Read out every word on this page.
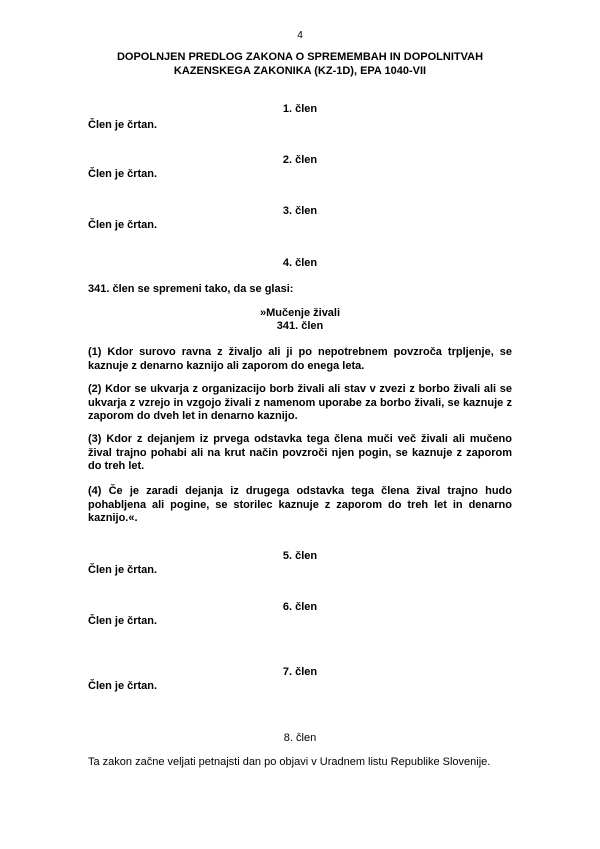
4
DOPOLNJEN PREDLOG ZAKONA O SPREMEMBAH IN DOPOLNITVAH
KAZENSKEGA ZAKONIKA (KZ-1D), EPA 1040-VII
1. člen
Člen je črtan.
2. člen
Člen je črtan.
3. člen
Člen je črtan.
4. člen
341. člen se spremeni tako, da se glasi:
»Mučenje živali
341. člen
(1) Kdor surovo ravna z živaljo ali ji po nepotrebnem povzroča trpljenje, se kaznuje z denarno kaznijo ali zaporom do enega leta.
(2) Kdor se ukvarja z organizacijo borb živali ali stav v zvezi z borbo živali ali se ukvarja z vzrejo in vzgojo živali z namenom uporabe za borbo živali, se kaznuje z zaporom do dveh let in denarno kaznijo.
(3) Kdor z dejanjem iz prvega odstavka tega člena muči več živali ali mučeno žival trajno pohabi ali na krut način povzroči njen pogin, se kaznuje z zaporom do treh let.
(4) Če je zaradi dejanja iz drugega odstavka tega člena žival trajno hudo pohabljena ali pogine, se storilec kaznuje z zaporom do treh let in denarno kaznijo.«.
5. člen
Člen je črtan.
6. člen
Člen je črtan.
7. člen
Člen je črtan.
8. člen
Ta zakon začne veljati petnajsti dan po objavi v Uradnem listu Republike Slovenije.
